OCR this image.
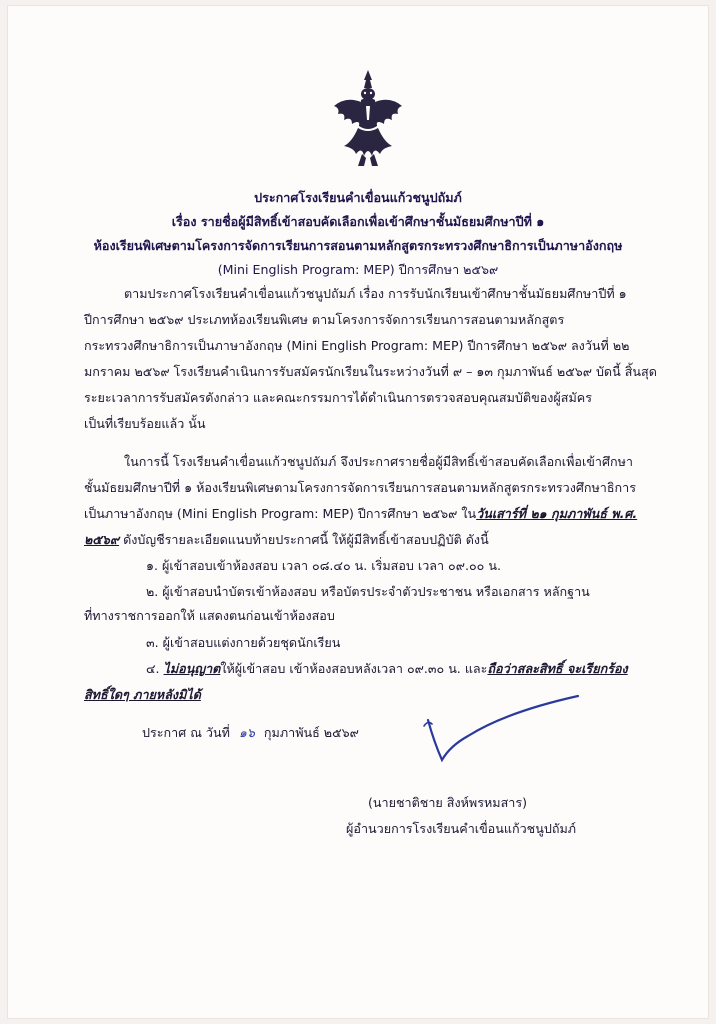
ประกาศโรงเรียนคำเขื่อนแก้วชนูปถัมภ์
เรื่อง รายชื่อผู้มีสิทธิ์เข้าสอบคัดเลือกเพื่อเข้าศึกษาชั้นมัธยมศึกษาปีที่ ๑
ห้องเรียนพิเศษตามโครงการจัดการเรียนการสอนตามหลักสูตรกระทรวงศึกษาธิการเป็นภาษาอังกฤษ
(Mini English Program: MEP) ปีการศึกษา ๒๕๖๙
ตามประกาศโรงเรียนคำเขื่อนแก้วชนูปถัมภ์ เรื่อง การรับนักเรียนเข้าศึกษาชั้นมัธยมศึกษาปีที่ ๑
ปีการศึกษา ๒๕๖๙ ประเภทห้องเรียนพิเศษ ตามโครงการจัดการเรียนการสอนตามหลักสูตร
กระทรวงศึกษาธิการเป็นภาษาอังกฤษ (Mini English Program: MEP) ปีการศึกษา ๒๕๖๙ ลงวันที่ ๒๒
มกราคม ๒๕๖๙ โรงเรียนคำเนินการรับสมัครนักเรียนในระหว่างวันที่ ๙ – ๑๓ กุมภาพันธ์ ๒๕๖๙ บัดนี้ สิ้นสุด
ระยะเวลาการรับสมัครดังกล่าว และคณะกรรมการได้ดำเนินการตรวจสอบคุณสมบัติของผู้สมัคร
เป็นที่เรียบร้อยแล้ว นั้น
ในการนี้ โรงเรียนคำเขื่อนแก้วชนูปถัมภ์ จึงประกาศรายชื่อผู้มีสิทธิ์เข้าสอบคัดเลือกเพื่อเข้าศึกษา
ชั้นมัธยมศึกษาปีที่ ๑ ห้องเรียนพิเศษตามโครงการจัดการเรียนการสอนตามหลักสูตรกระทรวงศึกษาธิการ
เป็นภาษาอังกฤษ (Mini English Program: MEP) ปีการศึกษา ๒๕๖๙ ในวันเสาร์ที่ ๒๑ กุมภาพันธ์ พ.ศ.
๒๕๖๙ ดังบัญชีรายละเอียดแนบท้ายประกาศนี้ ให้ผู้มีสิทธิ์เข้าสอบปฏิบัติ ดังนี้
๑. ผู้เข้าสอบเข้าห้องสอบ เวลา ๐๘.๔๐ น. เริ่มสอบ เวลา ๐๙.๐๐ น.
๒. ผู้เข้าสอบนำบัตรเข้าห้องสอบ หรือบัตรประจำตัวประชาชน หรือเอกสาร หลักฐาน
ที่ทางราชการออกให้ แสดงตนก่อนเข้าห้องสอบ
๓. ผู้เข้าสอบแต่งกายด้วยชุดนักเรียน
๔. ไม่อนุญาตให้ผู้เข้าสอบ เข้าห้องสอบหลังเวลา ๐๙.๓๐ น. และถือว่าสละสิทธิ์ จะเรียกร้อง
สิทธิ์ใดๆ ภายหลังมิได้
ประกาศ ณ วันที่ ๑๖ กุมภาพันธ์ ๒๕๖๙
(นายชาติชาย สิงห์พรหมสาร)
ผู้อำนวยการโรงเรียนคำเขื่อนแก้วชนูปถัมภ์
